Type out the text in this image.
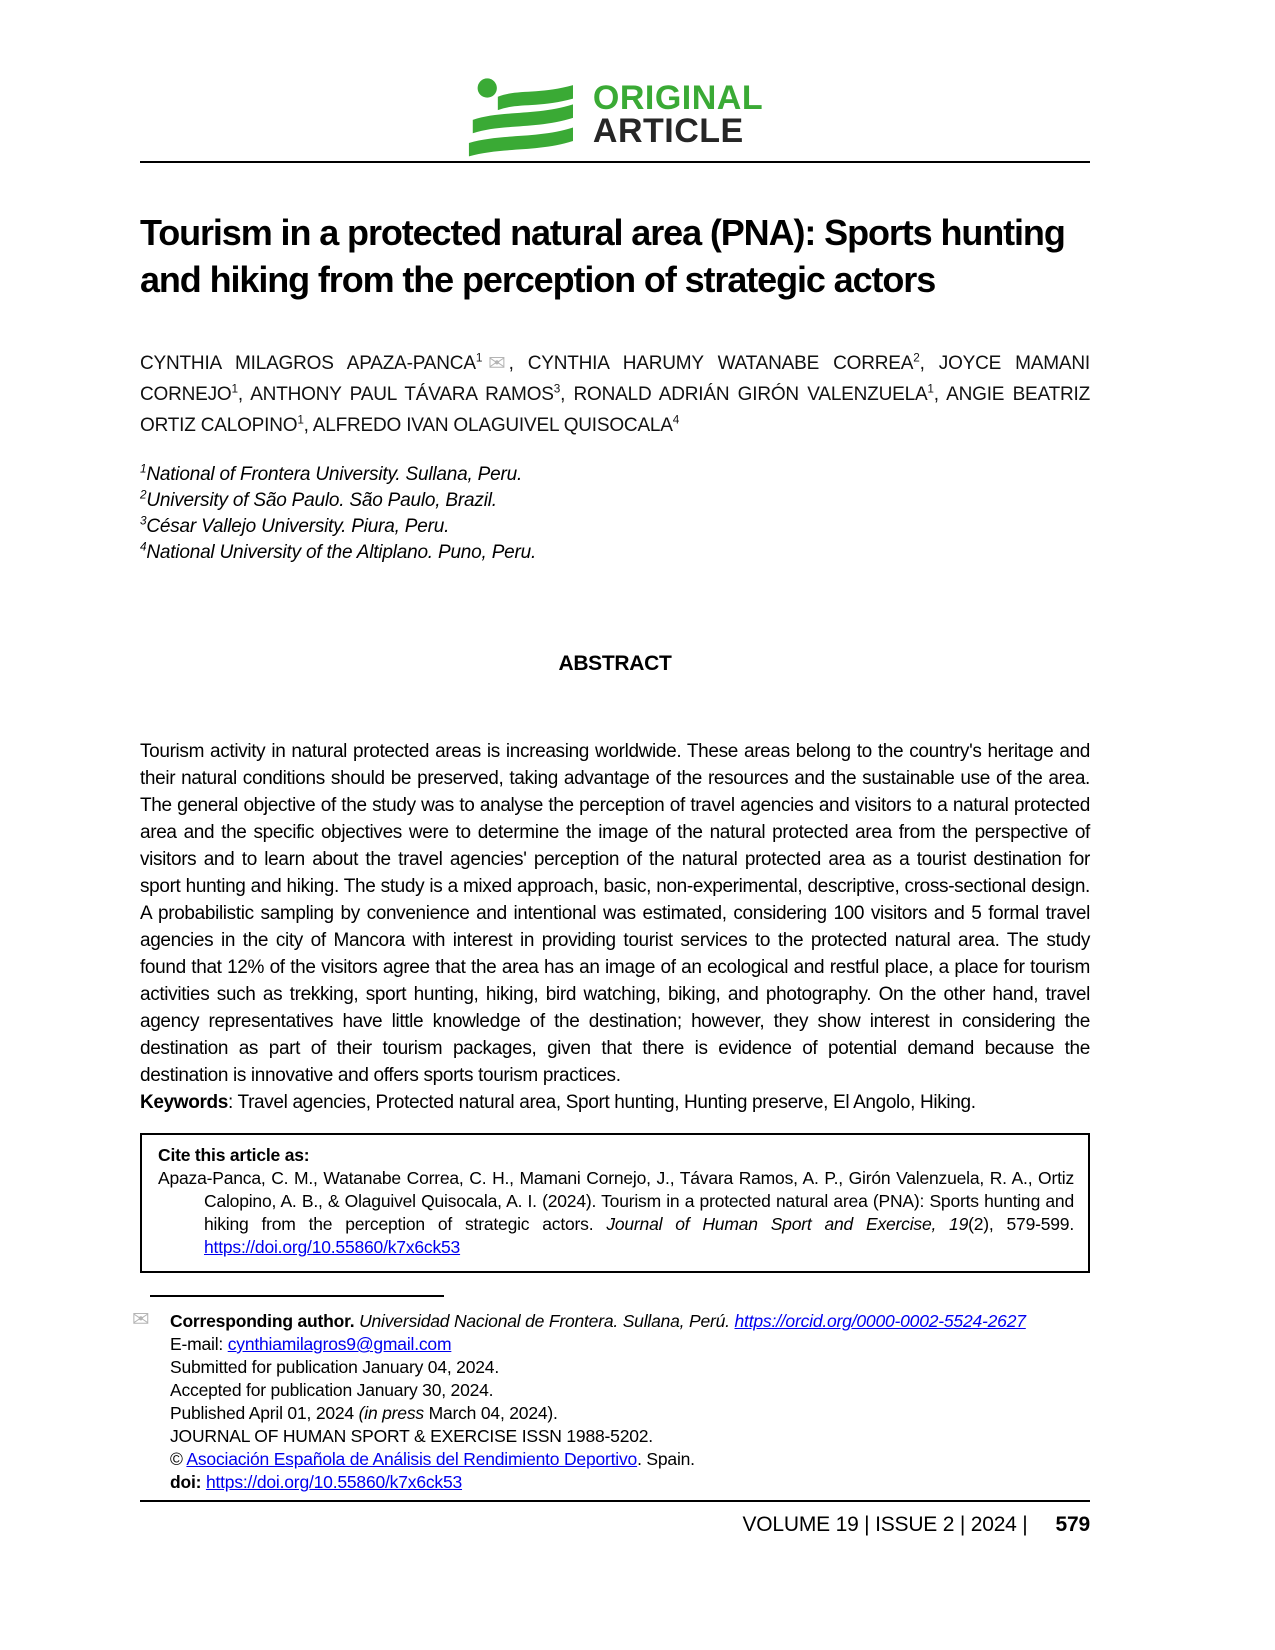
ORIGINAL
ARTICLE
Tourism in a protected natural area (PNA): Sports hunting and hiking from the perception of strategic actors

CYNTHIA MILAGROS APAZA-PANCA$^1$ ✉ , CYNTHIA HARUMY WATANABE CORREA$^2$, JOYCE MAMANI CORNEJO$^1$, ANTHONY PAUL TÁVARA RAMOS$^3$, RONALD ADRIÁN GIRÓN VALENZUELA$^1$, ANGIE BEATRIZ ORTIZ CALOPINO$^1$, ALFREDO IVAN OLAGUIVEL QUISOCALA$^4$

$^1$National of Frontera University. Sullana, Peru.
$^2$University of São Paulo. São Paulo, Brazil.
$^3$César Vallejo University. Piura, Peru.
$^4$National University of the Altiplano. Puno, Peru.
ABSTRACT

Tourism activity in natural protected areas is increasing worldwide. These areas belong to the country's heritage and their natural conditions should be preserved, taking advantage of the resources and the sustainable use of the area. The general objective of the study was to analyse the perception of travel agencies and visitors to a natural protected area and the specific objectives were to determine the image of the natural protected area from the perspective of visitors and to learn about the travel agencies' perception of the natural protected area as a tourist destination for sport hunting and hiking. The study is a mixed approach, basic, non-experimental, descriptive, cross-sectional design. A probabilistic sampling by convenience and intentional was estimated, considering 100 visitors and 5 formal travel agencies in the city of Mancora with interest in providing tourist services to the protected natural area. The study found that 12% of the visitors agree that the area has an image of an ecological and restful place, a place for tourism activities such as trekking, sport hunting, hiking, bird watching, biking, and photography. On the other hand, travel agency representatives have little knowledge of the destination; however, they show interest in considering the destination as part of their tourism packages, given that there is evidence of potential demand because the destination is innovative and offers sports tourism practices.

Keywords: Travel agencies, Protected natural area, Sport hunting, Hunting preserve, El Angolo, Hiking.

Cite this article as:

Apaza-Panca, C. M., Watanabe Correa, C. H., Mamani Cornejo, J., Távara Ramos, A. P., Girón Valenzuela, R. A., Ortiz Calopino, A. B., & Olaguivel Quisocala, A. I. (2024). Tourism in a protected natural area (PNA): Sports hunting and hiking from the perception of strategic actors. Journal of Human Sport and Exercise, 19(2), 579-599. https://doi.org/10.55860/k7x6ck53

✉ Corresponding author. Universidad Nacional de Frontera. Sullana, Perú. https://orcid.org/0000-0002-5524-2627
E-mail: cynthiamilagros9@gmail.com
Submitted for publication January 04, 2024.
Accepted for publication January 30, 2024.
Published April 01, 2024 (in press March 04, 2024).
JOURNAL OF HUMAN SPORT & EXERCISE ISSN 1988-5202.
© Asociación Española de Análisis del Rendimiento Deportivo. Spain.
doi: https://doi.org/10.55860/k7x6ck53
VOLUME 19 | ISSUE 2 | 2024 | 579
